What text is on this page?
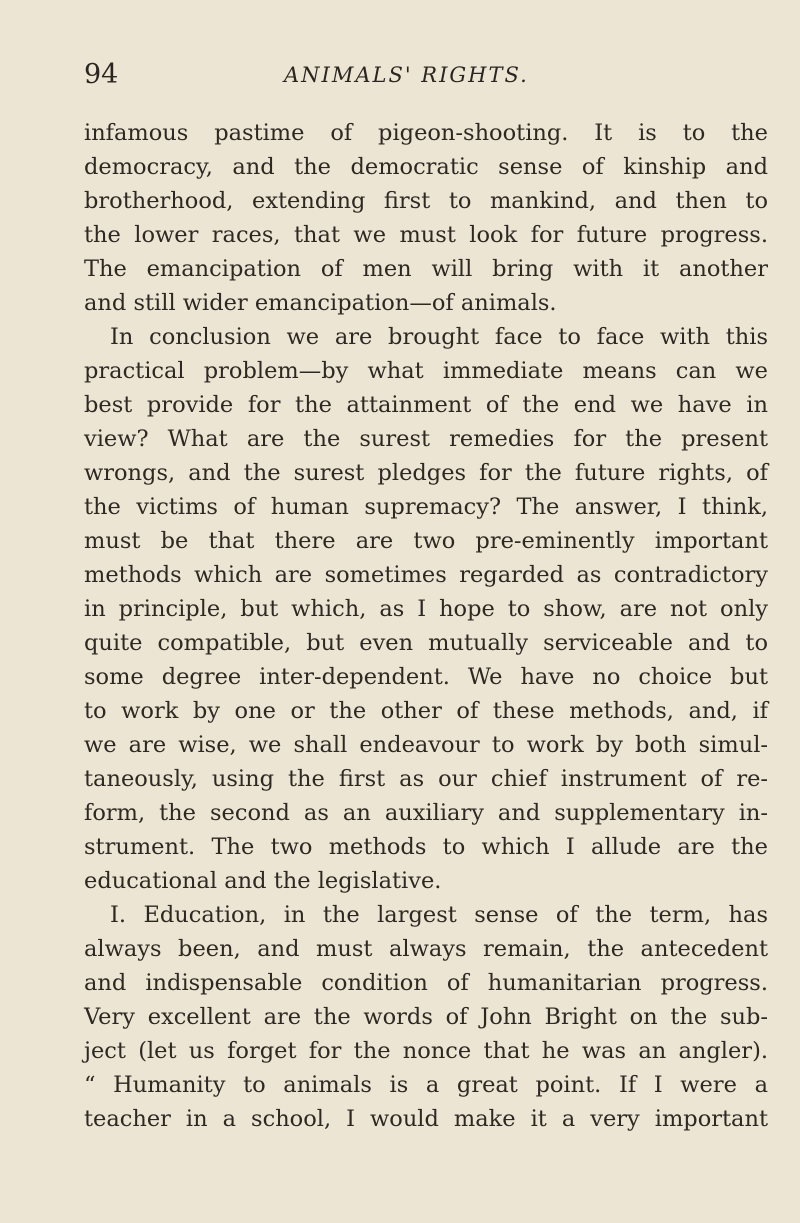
94	ANIMALS' RIGHTS.
infamous pastime of pigeon-shooting. It is to the
democracy, and the democratic sense of kinship and
brotherhood, extending first to mankind, and then to
the lower races, that we must look for future progress.
The emancipation of men will bring with it another
and still wider emancipation—of animals.
In conclusion we are brought face to face with this
practical problem—by what immediate means can we
best provide for the attainment of the end we have in
view? What are the surest remedies for the present
wrongs, and the surest pledges for the future rights, of
the victims of human supremacy? The answer, I think,
must be that there are two pre-eminently important
methods which are sometimes regarded as contradictory
in principle, but which, as I hope to show, are not only
quite compatible, but even mutually serviceable and to
some degree inter-dependent. We have no choice but
to work by one or the other of these methods, and, if
we are wise, we shall endeavour to work by both simul-
taneously, using the first as our chief instrument of re-
form, the second as an auxiliary and supplementary in-
strument. The two methods to which I allude are the
educational and the legislative.
I. Education, in the largest sense of the term, has
always been, and must always remain, the antecedent
and indispensable condition of humanitarian progress.
Very excellent are the words of John Bright on the sub-
ject (let us forget for the nonce that he was an angler).
“ Humanity to animals is a great point. If I were a
teacher in a school, I would make it a very important
